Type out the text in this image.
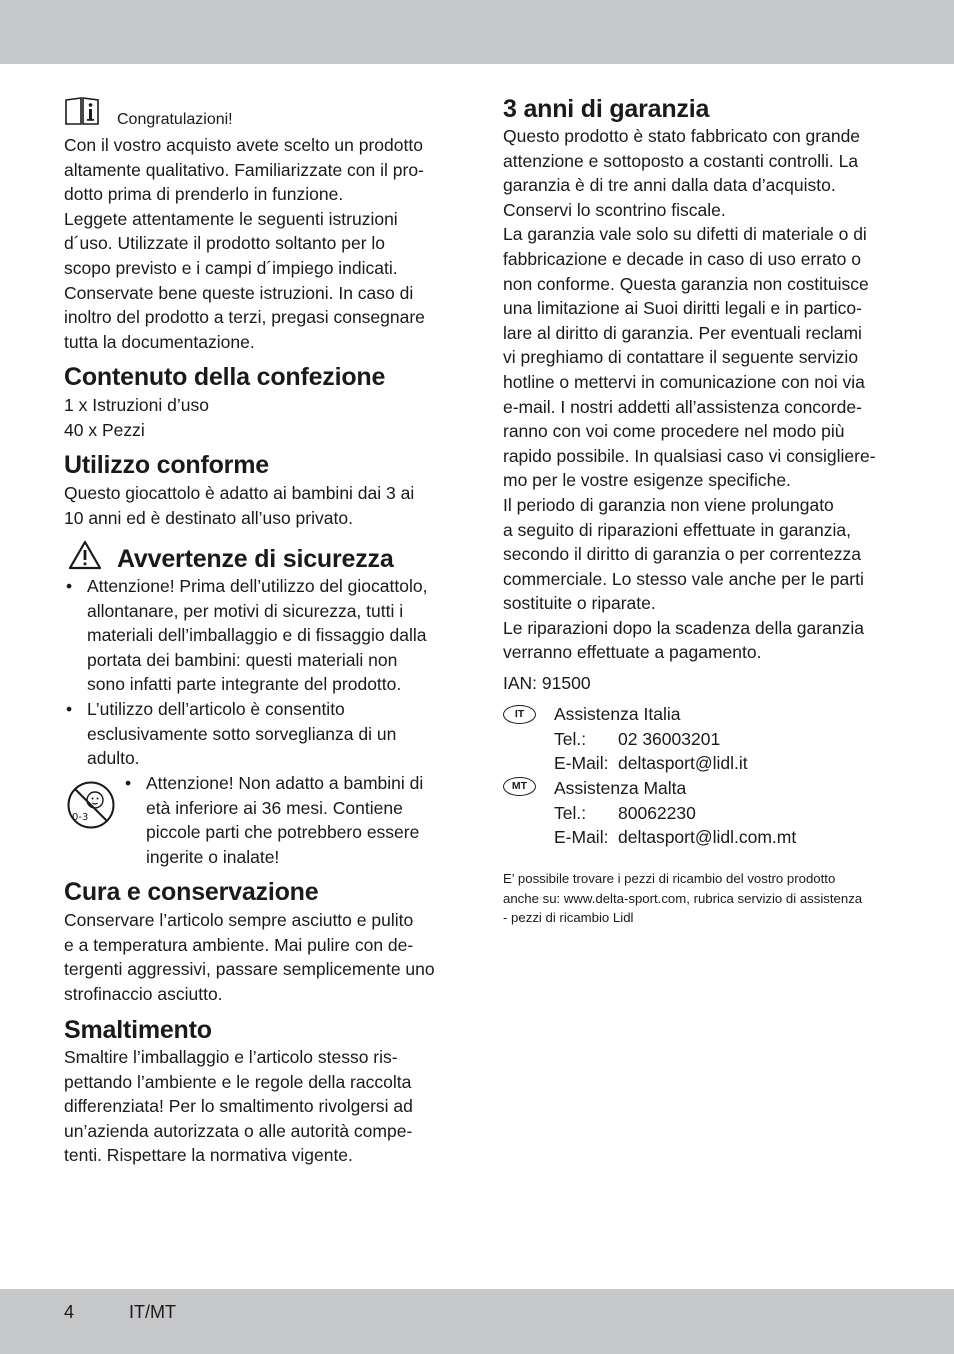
Congratulazioni!

Con il vostro acquisto avete scelto un prodotto
altamente qualitativo. Familiarizzate con il pro-
dotto prima di prenderlo in funzione.
Leggete attentamente le seguenti istruzioni
d´uso. Utilizzate il prodotto soltanto per lo
scopo previsto e i campi d´impiego indicati.
Conservate bene queste istruzioni. In caso di
inoltro del prodotto a terzi, pregasi consegnare
tutta la documentazione.

Contenuto della confezione

1 x Istruzioni d’uso
40 x Pezzi

Utilizzo conforme

Questo giocattolo è adatto ai bambini dai 3 ai
10 anni ed è destinato all’uso privato.

Avvertenze di sicurezza
• Attenzione! Prima dell’utilizzo del giocattolo,
allontanare, per motivi di sicurezza, tutti i
materiali dell’imballaggio e di fissaggio dalla
portata dei bambini: questi materiali non
sono infatti parte integrante del prodotto.
• L’utilizzo dell’articolo è consentito
esclusivamente sotto sorveglianza di un
adulto.
0-3
• Attenzione! Non adatto a bambini di
età inferiore ai 36 mesi. Contiene
piccole parti che potrebbero essere
ingerite o inalate!
Cura e conservazione

Conservare l’articolo sempre asciutto e pulito
e a temperatura ambiente. Mai pulire con de-
tergenti aggressivi, passare semplicemente uno
strofinaccio asciutto.

Smaltimento

Smaltire l’imballaggio e l’articolo stesso ris-
pettando l’ambiente e le regole della raccolta
differenziata! Per lo smaltimento rivolgersi ad
un’azienda autorizzata o alle autorità compe-
tenti. Rispettare la normativa vigente.

3 anni di garanzia

Questo prodotto è stato fabbricato con grande
attenzione e sottoposto a costanti controlli. La
garanzia è di tre anni dalla data d’acquisto.
Conservi lo scontrino fiscale.
La garanzia vale solo su difetti di materiale o di
fabbricazione e decade in caso di uso errato o
non conforme. Questa garanzia non costituisce
una limitazione ai Suoi diritti legali e in partico-
lare al diritto di garanzia. Per eventuali reclami
vi preghiamo di contattare il seguente servizio
hotline o mettervi in comunicazione con noi via
e-mail. I nostri addetti all’assistenza concorde-
ranno con voi come procedere nel modo più
rapido possibile. In qualsiasi caso vi consigliere-
mo per le vostre esigenze specifiche.
Il periodo di garanzia non viene prolungato
a seguito di riparazioni effettuate in garanzia,
secondo il diritto di garanzia o per correntezza
commerciale. Lo stesso vale anche per le parti
sostituite o riparate.
Le riparazioni dopo la scadenza della garanzia
verranno effettuate a pagamento.

IAN: 91500

IT	Assistenza Italia

Tel.: 02 36003201

E-Mail: deltasport@lidl.it

MT	Assistenza Malta

Tel.: 80062230

E-Mail: deltasport@lidl.com.mt

E’ possibile trovare i pezzi di ricambio del vostro prodotto
anche su: www.delta-sport.com, rubrica servizio di assistenza
- pezzi di ricambio Lidl

4	IT/MT
